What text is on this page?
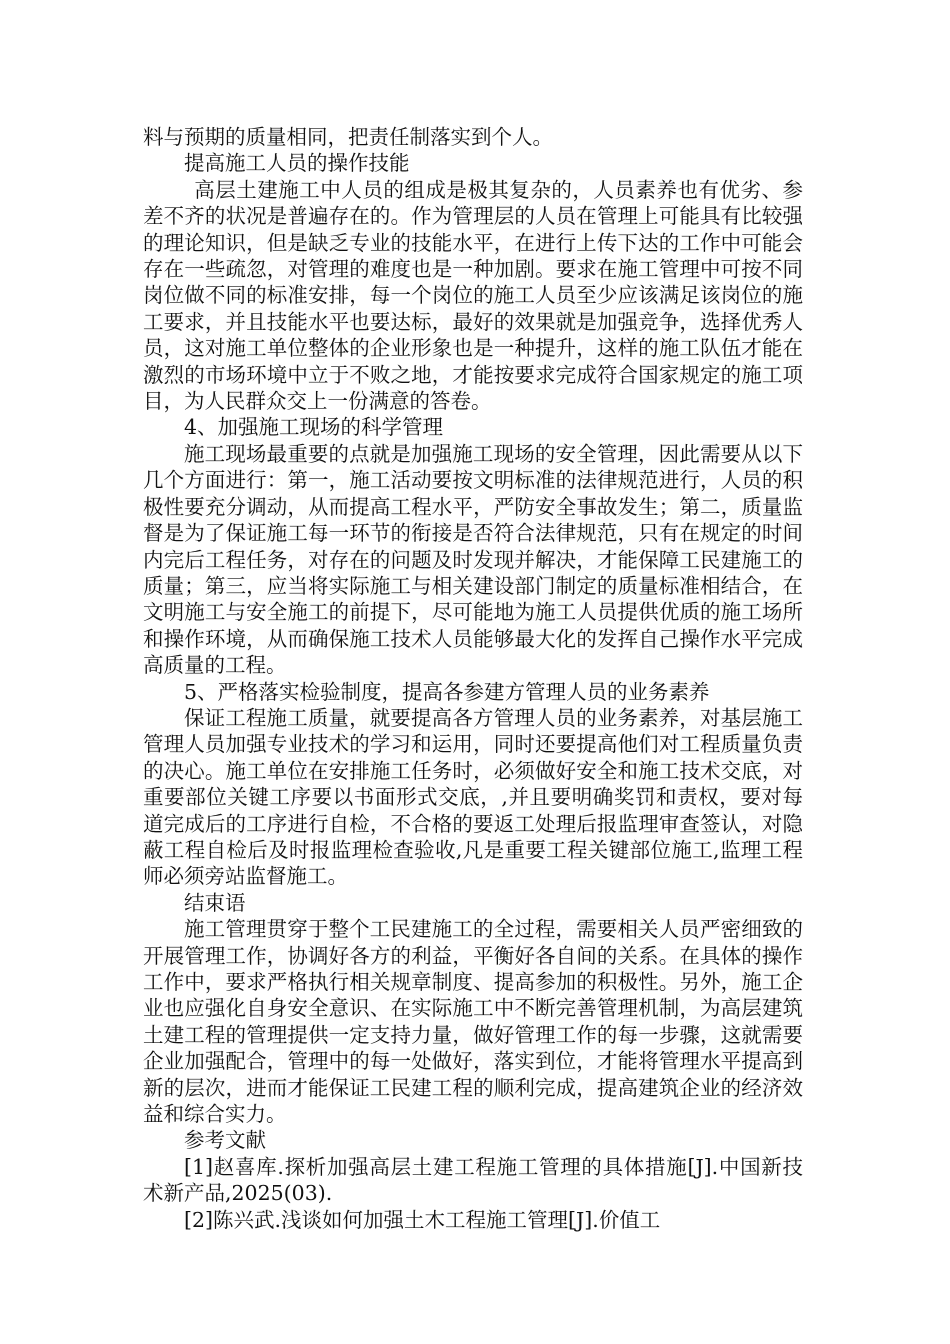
料与预期的质量相同，把责任制落实到个人。

提高施工人员的操作技能

高层土建施工中人员的组成是极其复杂的，人员素养也有优劣、参差不齐的状况是普遍存在的。作为管理层的人员在管理上可能具有比较强的理论知识，但是缺乏专业的技能水平，在进行上传下达的工作中可能会存在一些疏忽，对管理的难度也是一种加剧。要求在施工管理中可按不同岗位做不同的标准安排，每一个岗位的施工人员至少应该满足该岗位的施工要求，并且技能水平也要达标，最好的效果就是加强竞争，选择优秀人员，这对施工单位整体的企业形象也是一种提升，这样的施工队伍才能在激烈的市场环境中立于不败之地，才能按要求完成符合国家规定的施工项目，为人民群众交上一份满意的答卷。

4、加强施工现场的科学管理

施工现场最重要的点就是加强施工现场的安全管理，因此需要从以下几个方面进行：第一，施工活动要按文明标准的法律规范进行，人员的积极性要充分调动，从而提高工程水平，严防安全事故发生；第二，质量监督是为了保证施工每一环节的衔接是否符合法律规范，只有在规定的时间内完后工程任务，对存在的问题及时发现并解决，才能保障工民建施工的质量；第三，应当将实际施工与相关建设部门制定的质量标准相结合，在文明施工与安全施工的前提下，尽可能地为施工人员提供优质的施工场所和操作环境，从而确保施工技术人员能够最大化的发挥自己操作水平完成高质量的工程。

5、严格落实检验制度，提高各参建方管理人员的业务素养

保证工程施工质量，就要提高各方管理人员的业务素养，对基层施工管理人员加强专业技术的学习和运用，同时还要提高他们对工程质量负责的决心。施工单位在安排施工任务时，必须做好安全和施工技术交底，对重要部位关键工序要以书面形式交底，,并且要明确奖罚和责权，要对每道完成后的工序进行自检，不合格的要返工处理后报监理审查签认，对隐蔽工程自检后及时报监理检查验收,凡是重要工程关键部位施工,监理工程师必须旁站监督施工。

结束语

施工管理贯穿于整个工民建施工的全过程，需要相关人员严密细致的开展管理工作，协调好各方的利益，平衡好各自间的关系。在具体的操作工作中，要求严格执行相关规章制度、提高参加的积极性。另外，施工企业也应强化自身安全意识、在实际施工中不断完善管理机制，为高层建筑土建工程的管理提供一定支持力量，做好管理工作的每一步骤，这就需要企业加强配合，管理中的每一处做好，落实到位，才能将管理水平提高到新的层次，进而才能保证工民建工程的顺利完成，提高建筑企业的经济效益和综合实力。

参考文献

[1]赵喜库.探析加强高层土建工程施工管理的具体措施[J].中国新技术新产品,2025(03).

[2]陈兴武.浅谈如何加强土木工程施工管理[J].价值工
